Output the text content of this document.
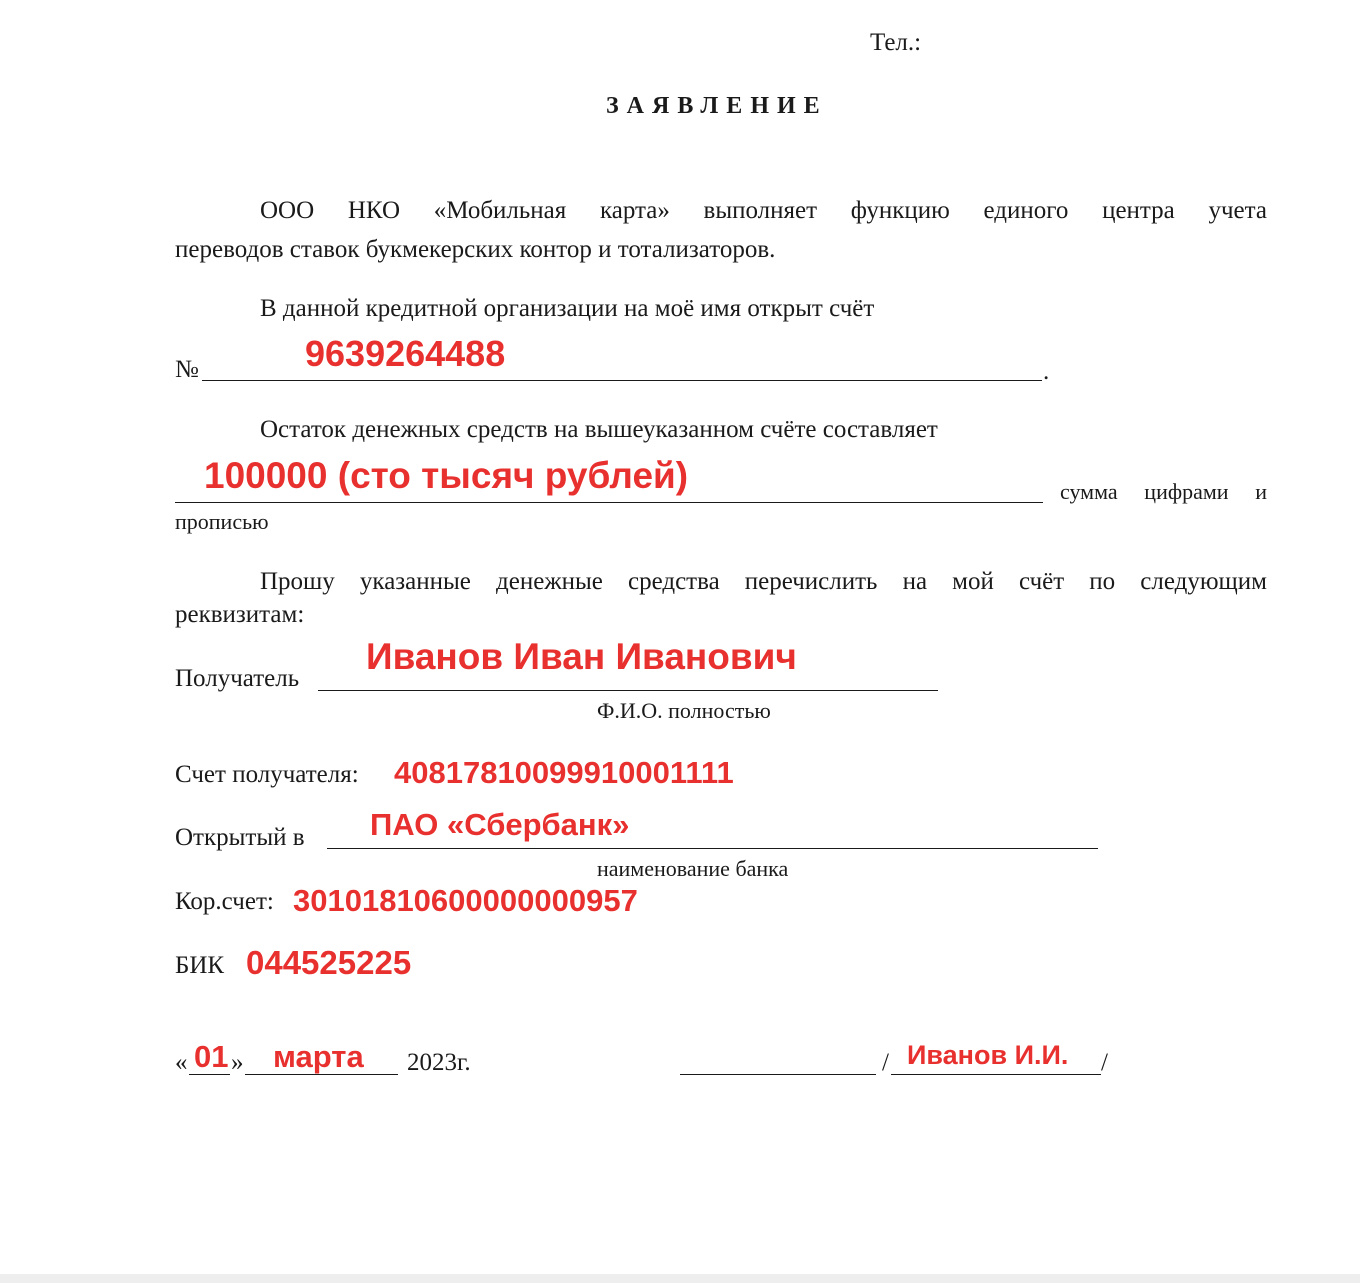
Тел.:
ЗАЯВЛЕНИЕ
ООО НКО «Мобильная карта» выполняет функцию единого центра учета
переводов ставок букмекерских контор и тотализаторов.
В данной кредитной организации на моё имя открыт счёт
№	.
9639264488
Остаток денежных средств на вышеуказанном счёте составляет
100000 (сто тысяч рублей)	сумма цифрами и
прописью
Прошу указанные денежные средства перечислить на мой счёт по следующим
реквизитам:
Получатель
Иванов Иван Иванович
Ф.И.О. полностью
Счет получателя: 40817810099910001111
Открытый в ПАО «Сбербанк»
наименование банка
Кор.счет: 30101810600000000957
БИК 044525225
« 01 » марта 2023г.	/ Иванов И.И. /
